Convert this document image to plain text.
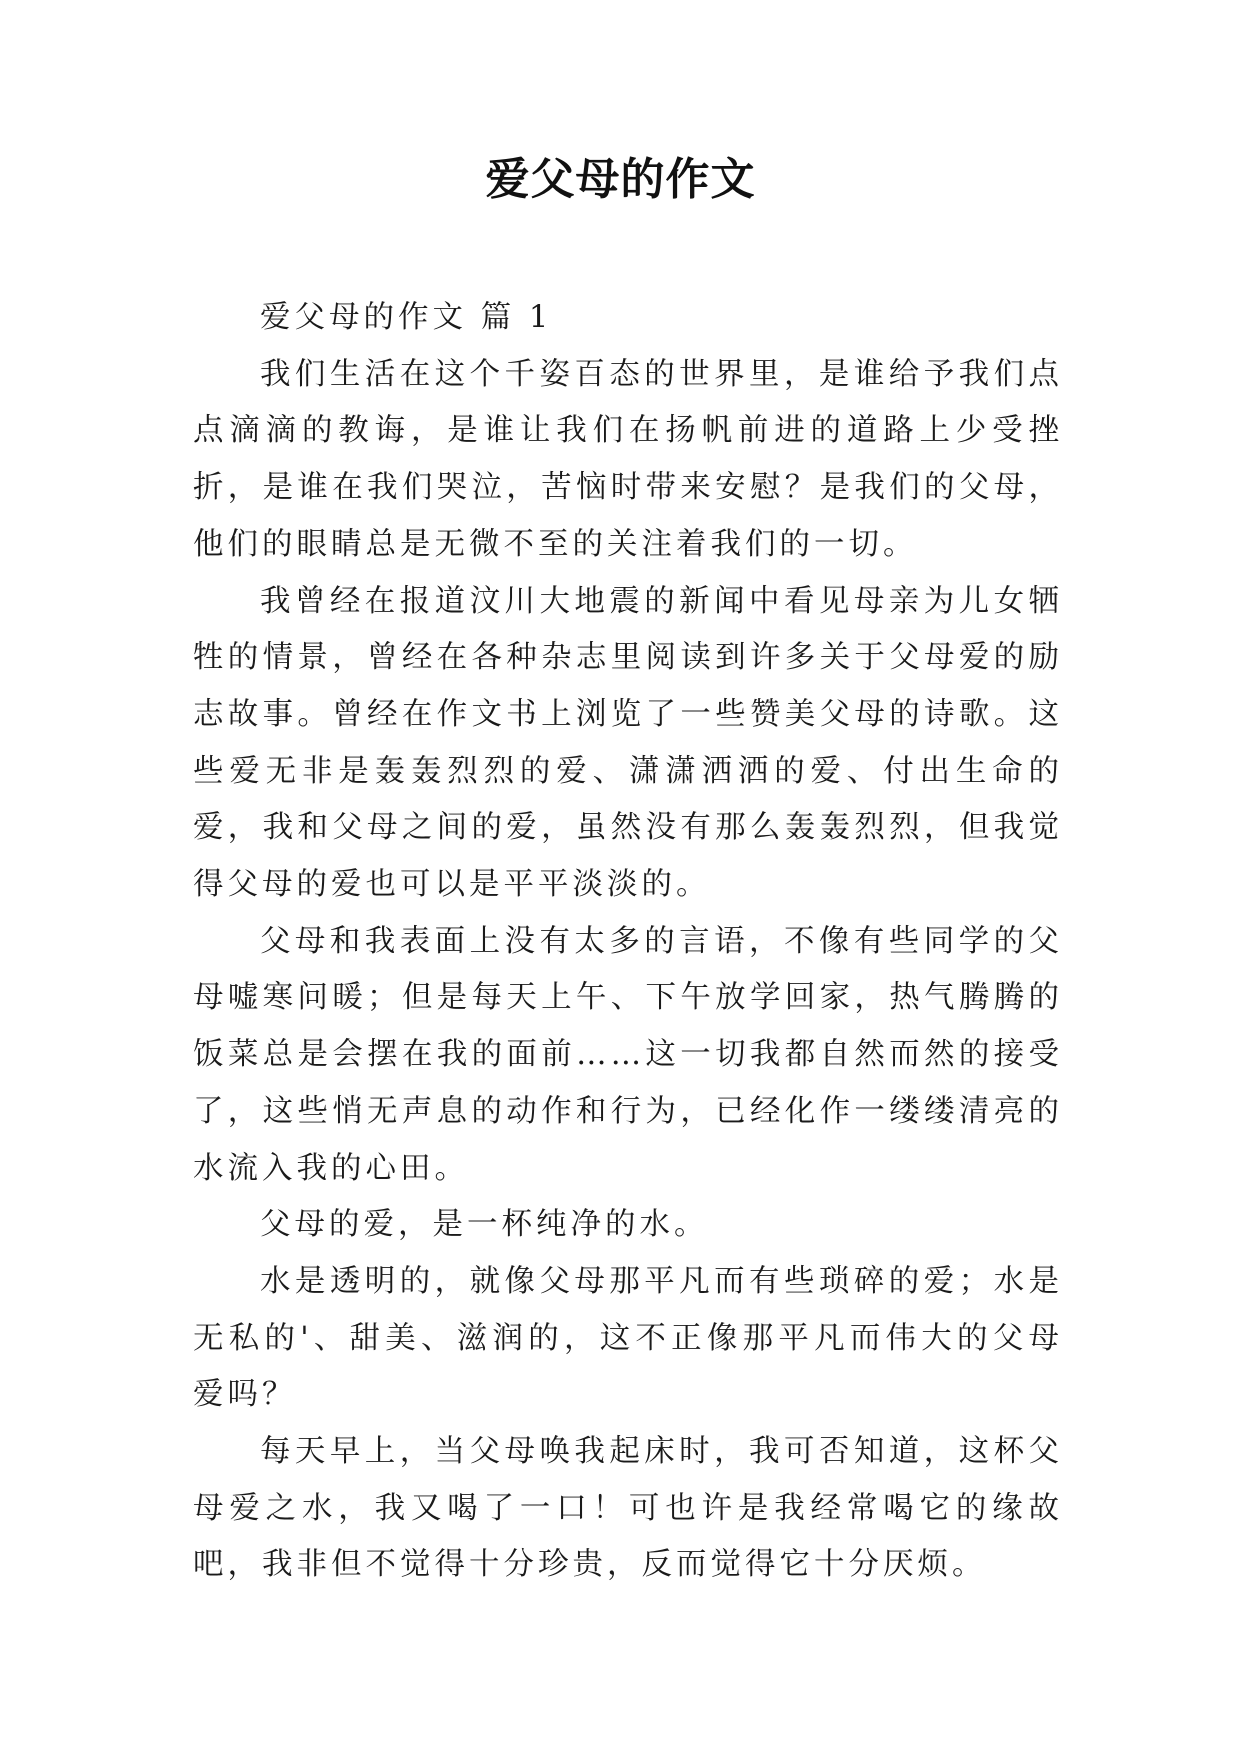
爱父母的作文

爱父母的作文 篇 1

我们生活在这个千姿百态的世界里，是谁给予我们点点滴滴的教诲，是谁让我们在扬帆前进的道路上少受挫折，是谁在我们哭泣，苦恼时带来安慰？是我们的父母，他们的眼睛总是无微不至的关注着我们的一切。

我曾经在报道汶川大地震的新闻中看见母亲为儿女牺牲的情景，曾经在各种杂志里阅读到许多关于父母爱的励志故事。曾经在作文书上浏览了一些赞美父母的诗歌。这些爱无非是轰轰烈烈的爱、潇潇洒洒的爱、付出生命的爱，我和父母之间的爱，虽然没有那么轰轰烈烈，但我觉得父母的爱也可以是平平淡淡的。

父母和我表面上没有太多的言语，不像有些同学的父母嘘寒问暖；但是每天上午、下午放学回家，热气腾腾的饭菜总是会摆在我的面前……这一切我都自然而然的接受了，这些悄无声息的动作和行为，已经化作一缕缕清亮的水流入我的心田。

父母的爱，是一杯纯净的水。

水是透明的，就像父母那平凡而有些琐碎的爱；水是无私的'、甜美、滋润的，这不正像那平凡而伟大的父母爱吗？

每天早上，当父母唤我起床时，我可否知道，这杯父母爱之水，我又喝了一口！可也许是我经常喝它的缘故吧，我非但不觉得十分珍贵，反而觉得它十分厌烦。
